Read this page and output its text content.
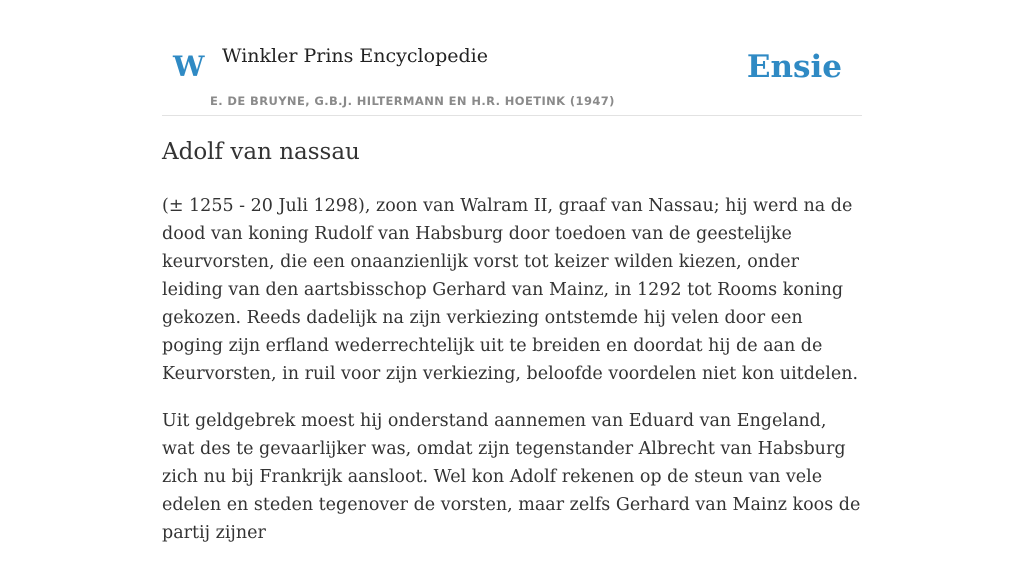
W Winkler Prins Encyclopedie
E. DE BRUYNE, G.B.J. HILTERMANN EN H.R. HOETINK (1947)
Ensie
Adolf van nassau

(± 1255 - 20 Juli 1298), zoon van Walram II, graaf van Nassau; hij werd na de dood van koning Rudolf van Habsburg door toedoen van de geestelijke keurvorsten, die een onaanzienlijk vorst tot keizer wilden kiezen, onder leiding van den aartsbisschop Gerhard van Mainz, in 1292 tot Rooms koning gekozen. Reeds dadelijk na zijn verkiezing ontstemde hij velen door een poging zijn erfland wederrechtelijk uit te breiden en doordat hij de aan de Keurvorsten, in ruil voor zijn verkiezing, beloofde voordelen niet kon uitdelen.

Uit geldgebrek moest hij onderstand aannemen van Eduard van Engeland, wat des te gevaarlijker was, omdat zijn tegenstander Albrecht van Habsburg zich nu bij Frankrijk aansloot. Wel kon Adolf rekenen op de steun van vele edelen en steden tegenover de vorsten, maar zelfs Gerhard van Mainz koos de partij zijner
